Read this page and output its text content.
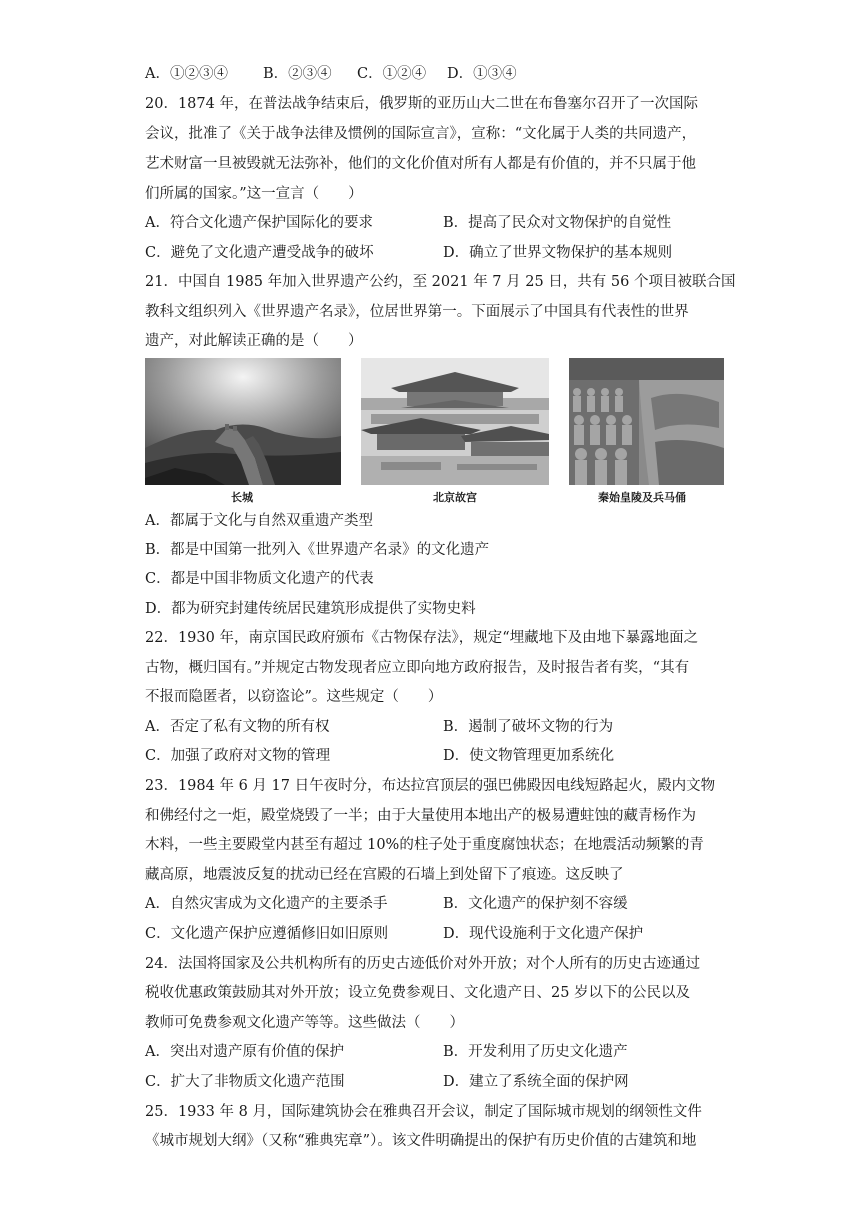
A．①②③④ B．②③④ C．①②④ D．①③④
20．1874 年，在普法战争结束后，俄罗斯的亚历山大二世在布鲁塞尔召开了一次国际
会议，批准了《关于战争法律及惯例的国际宣言》，宣称：“文化属于人类的共同遗产，
艺术财富一旦被毁就无法弥补，他们的文化价值对所有人都是有价值的，并不只属于他
们所属的国家。”这一宣言（　　）
A．符合文化遗产保护国际化的要求	B．提高了民众对文物保护的自觉性
C．避免了文化遗产遭受战争的破坏	D．确立了世界文物保护的基本规则
21．中国自 1985 年加入世界遗产公约，至 2021 年 7 月 25 日，共有 56 个项目被联合国
教科文组织列入《世界遗产名录》，位居世界第一。下面展示了中国具有代表性的世界
遗产，对此解读正确的是（　　）
长城	北京故宫	秦始皇陵及兵马俑
A．都属于文化与自然双重遗产类型
B．都是中国第一批列入《世界遗产名录》的文化遗产
C．都是中国非物质文化遗产的代表
D．都为研究封建传统居民建筑形成提供了实物史料
22．1930 年，南京国民政府颁布《古物保存法》，规定“埋藏地下及由地下暴露地面之
古物，概归国有。”并规定古物发现者应立即向地方政府报告，及时报告者有奖，“其有
不报而隐匿者，以窃盗论”。这些规定（　　）
A．否定了私有文物的所有权	B．遏制了破坏文物的行为
C．加强了政府对文物的管理	D．使文物管理更加系统化
23．1984 年 6 月 17 日午夜时分，布达拉宫顶层的强巴佛殿因电线短路起火，殿内文物
和佛经付之一炬，殿堂烧毁了一半；由于大量使用本地出产的极易遭蛀蚀的藏青杨作为
木料，一些主要殿堂内甚至有超过 10%的柱子处于重度腐蚀状态；在地震活动频繁的青
藏高原，地震波反复的扰动已经在宫殿的石墙上到处留下了痕迹。这反映了
A．自然灾害成为文化遗产的主要杀手	B．文化遗产的保护刻不容缓
C．文化遗产保护应遵循修旧如旧原则	D．现代设施利于文化遗产保护
24．法国将国家及公共机构所有的历史古迹低价对外开放；对个人所有的历史古迹通过
税收优惠政策鼓励其对外开放；设立免费参观日、文化遗产日、25 岁以下的公民以及
教师可免费参观文化遗产等等。这些做法（　　）
A．突出对遗产原有价值的保护	B．开发利用了历史文化遗产
C．扩大了非物质文化遗产范围	D．建立了系统全面的保护网
25．1933 年 8 月，国际建筑协会在雅典召开会议，制定了国际城市规划的纲领性文件
《城市规划大纲》（又称“雅典宪章”）。该文件明确提出的保护有历史价值的古建筑和地
